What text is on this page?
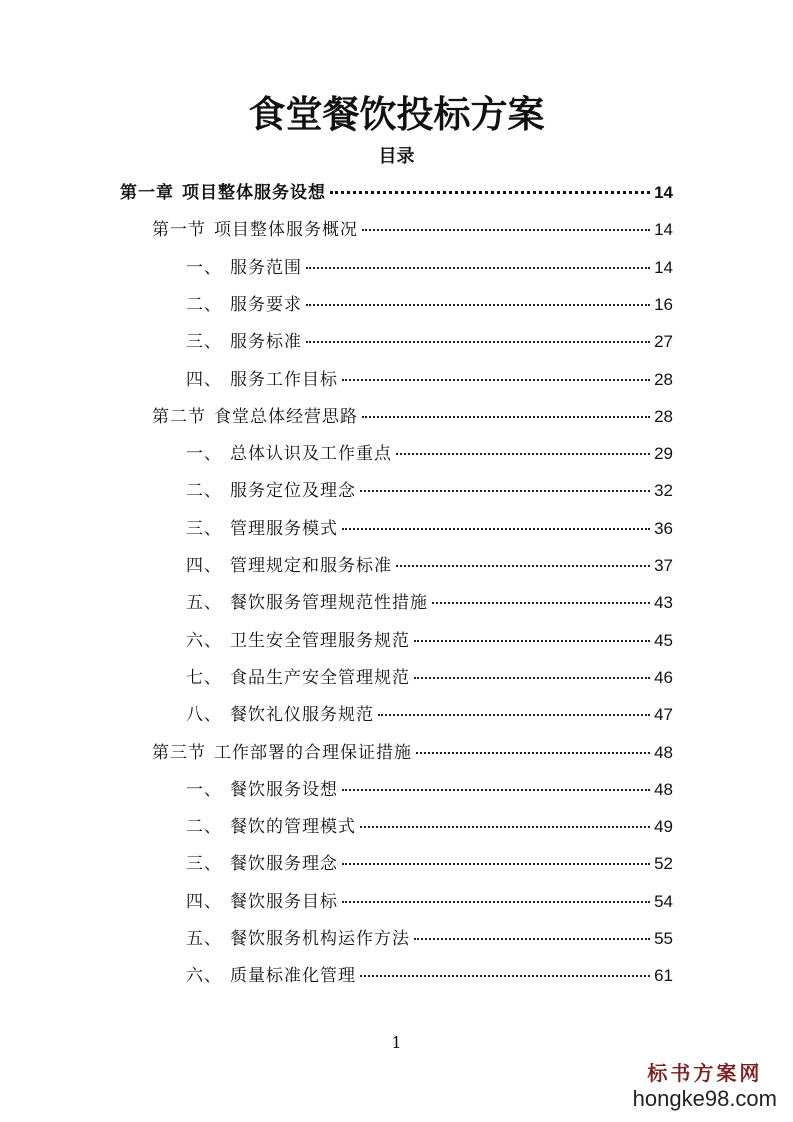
食堂餐饮投标方案
目录
第一章 项目整体服务设想	14
第一节 项目整体服务概况	14
一、 服务范围	14
二、 服务要求	16
三、 服务标准	27
四、 服务工作目标	28
第二节 食堂总体经营思路	28
一、 总体认识及工作重点	29
二、 服务定位及理念	32
三、 管理服务模式	36
四、 管理规定和服务标准	37
五、 餐饮服务管理规范性措施	43
六、 卫生安全管理服务规范	45
七、 食品生产安全管理规范	46
八、 餐饮礼仪服务规范	47
第三节 工作部署的合理保证措施	48
一、 餐饮服务设想	48
二、 餐饮的管理模式	49
三、 餐饮服务理念	52
四、 餐饮服务目标	54
五、 餐饮服务机构运作方法	55
六、 质量标准化管理	61
1
标书方案网
hongke98.com
